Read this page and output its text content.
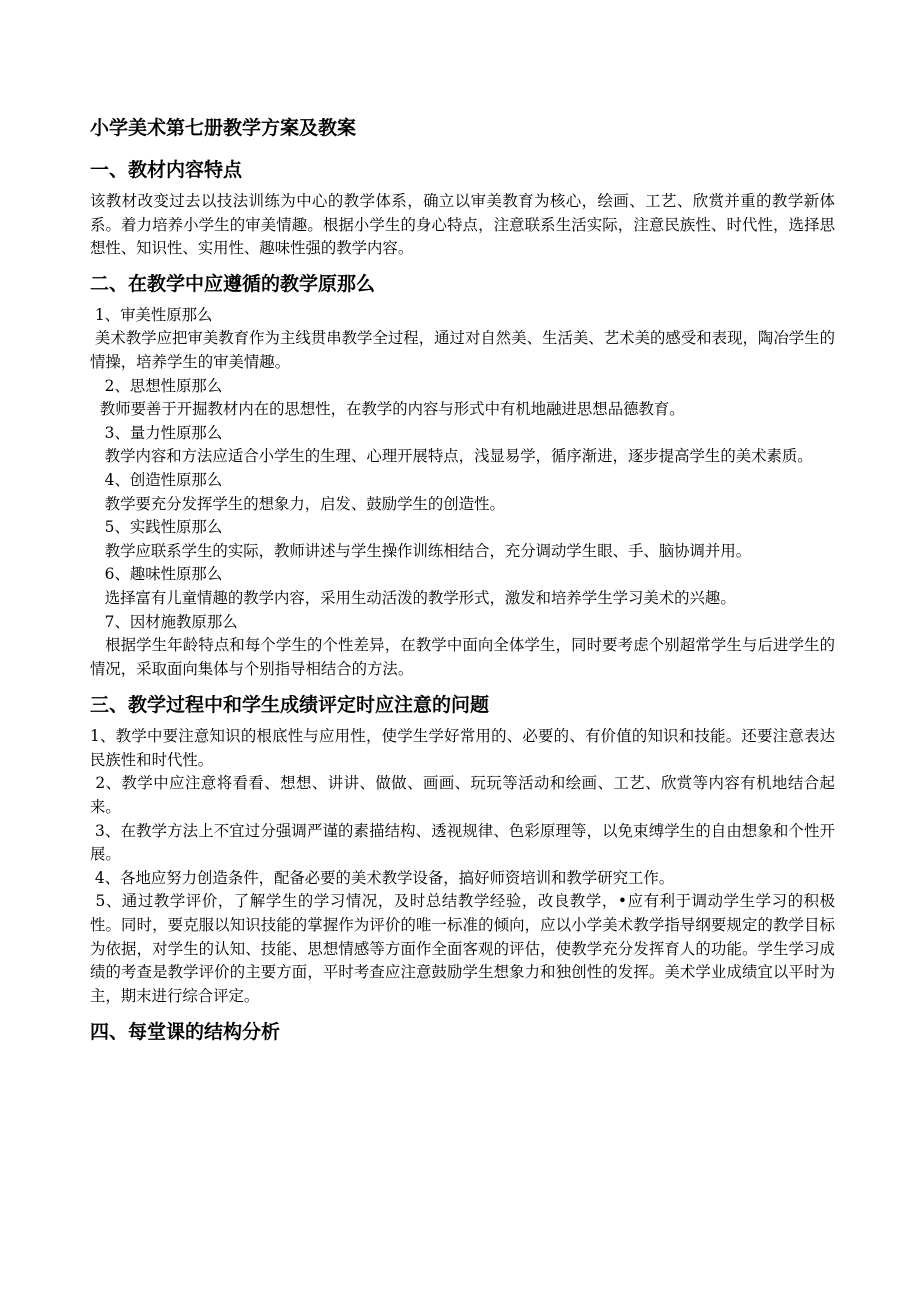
小学美术第七册教学方案及教案
一、教材内容特点

该教材改变过去以技法训练为中心的教学体系，确立以审美教育为核心，绘画、工艺、欣赏并重的教学新体系。着力培养小学生的审美情趣。根据小学生的身心特点，注意联系生活实际，注意民族性、时代性，选择思想性、知识性、实用性、趣味性强的教学内容。

二、在教学中应遵循的教学原那么
1、审美性原那么
美术教学应把审美教育作为主线贯串教学全过程，通过对自然美、生活美、艺术美的感受和表现，陶冶学生的情操，培养学生的审美情趣。
2、思想性原那么
教师要善于开掘教材内在的思想性，在教学的内容与形式中有机地融进思想品德教育。
3、量力性原那么
教学内容和方法应适合小学生的生理、心理开展特点，浅显易学，循序渐进，逐步提高学生的美术素质。
4、创造性原那么
教学要充分发挥学生的想象力，启发、鼓励学生的创造性。
5、实践性原那么
教学应联系学生的实际，教师讲述与学生操作训练相结合，充分调动学生眼、手、脑协调并用。
6、趣味性原那么
选择富有儿童情趣的教学内容，采用生动活泼的教学形式，激发和培养学生学习美术的兴趣。
7、因材施教原那么
根据学生年龄特点和每个学生的个性差异，在教学中面向全体学生，同时要考虑个别超常学生与后进学生的情况，采取面向集体与个别指导相结合的方法。
三、教学过程中和学生成绩评定时应注意的问题

1、教学中要注意知识的根底性与应用性，使学生学好常用的、必要的、有价值的知识和技能。还要注意表达民族性和时代性。

2、教学中应注意将看看、想想、讲讲、做做、画画、玩玩等活动和绘画、工艺、欣赏等内容有机地结合起来。

3、在教学方法上不宜过分强调严谨的素描结构、透视规律、色彩原理等，以免束缚学生的自由想象和个性开展。

4、各地应努力创造条件，配备必要的美术教学设备，搞好师资培训和教学研究工作。

5、通过教学评价，了解学生的学习情况，及时总结教学经验，改良教学，•应有利于调动学生学习的积极性。同时，要克服以知识技能的掌握作为评价的唯一标准的倾向，应以小学美术教学指导纲要规定的教学目标为依据，对学生的认知、技能、思想情感等方面作全面客观的评估，使教学充分发挥育人的功能。学生学习成绩的考查是教学评价的主要方面，平时考查应注意鼓励学生想象力和独创性的发挥。美术学业成绩宜以平时为主，期末进行综合评定。

四、每堂课的结构分析
